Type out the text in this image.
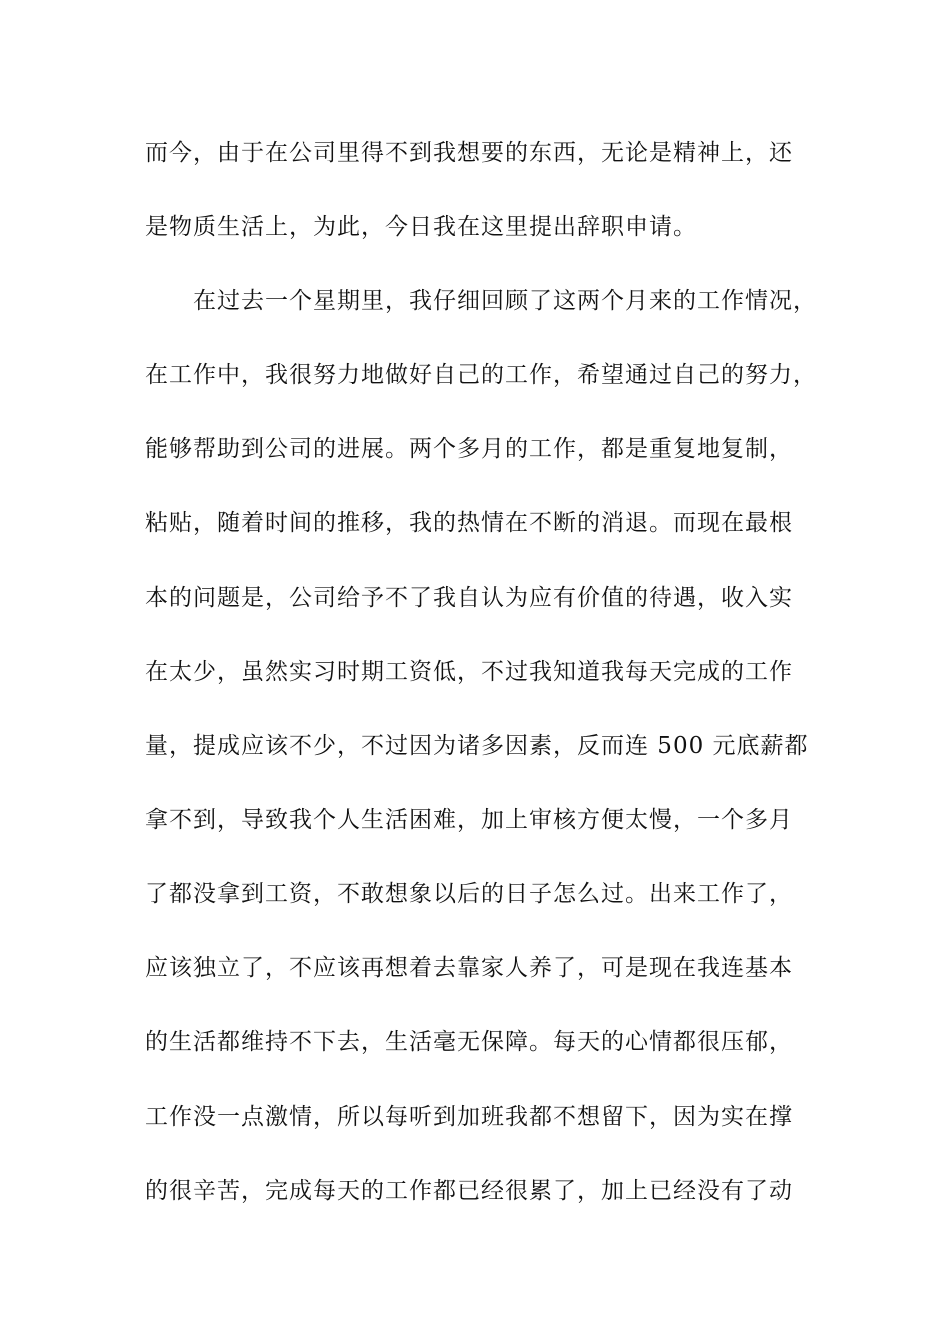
而今，由于在公司里得不到我想要的东西，无论是精神上，还
是物质生活上，为此，今日我在这里提出辞职申请。
在过去一个星期里，我仔细回顾了这两个月来的工作情况，
在工作中，我很努力地做好自己的工作，希望通过自己的努力，
能够帮助到公司的进展。两个多月的工作，都是重复地复制，
粘贴，随着时间的推移，我的热情在不断的消退。而现在最根
本的问题是，公司给予不了我自认为应有价值的待遇，收入实
在太少，虽然实习时期工资低，不过我知道我每天完成的工作
量，提成应该不少，不过因为诸多因素，反而连 500 元底薪都
拿不到，导致我个人生活困难，加上审核方便太慢，一个多月
了都没拿到工资，不敢想象以后的日子怎么过。出来工作了，
应该独立了，不应该再想着去靠家人养了，可是现在我连基本
的生活都维持不下去，生活毫无保障。每天的心情都很压郁，
工作没一点激情，所以每听到加班我都不想留下，因为实在撑
的很辛苦，完成每天的工作都已经很累了，加上已经没有了动
